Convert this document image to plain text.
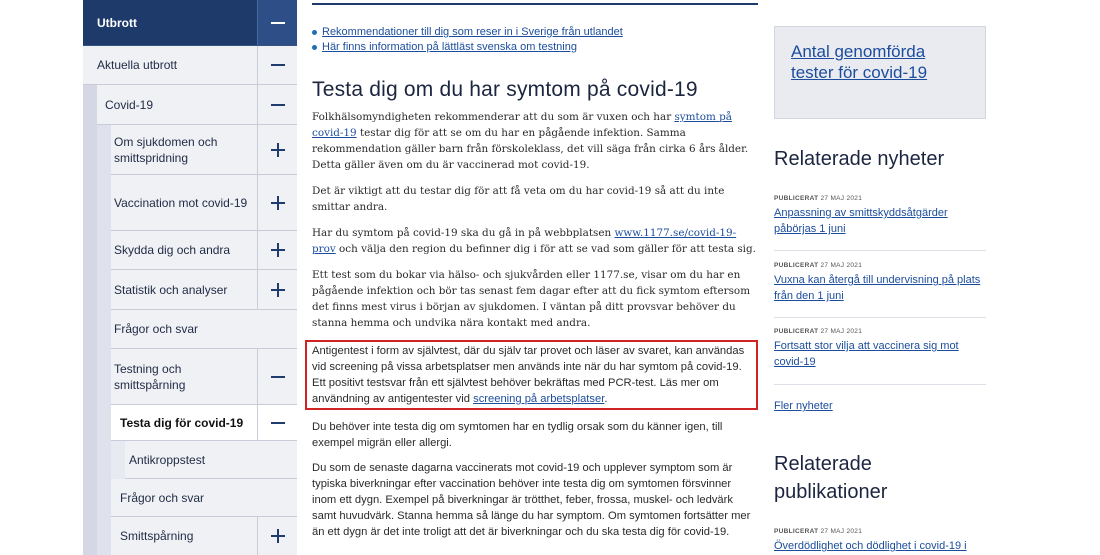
Utbrott
Aktuella utbrott
Covid-19
Om sjukdomen och smittspridning
Vaccination mot covid-19
Skydda dig och andra
Statistik och analyser
Frågor och svar
Testning och smittspårning
Testa dig för covid-19
Antikroppstest
Frågor och svar
Smittspårning
Rekommendationer till dig som reser in i Sverige från utlandet
Här finns information på lättläst svenska om testning
Testa dig om du har symtom på covid-19

Folkhälsomyndigheten rekommenderar att du som är vuxen och har symtom på covid-19 testar dig för att se om du har en pågående infektion. Samma rekommendation gäller barn från förskoleklass, det vill säga från cirka 6 års ålder. Detta gäller även om du är vaccinerad mot covid-19.

Det är viktigt att du testar dig för att få veta om du har covid-19 så att du inte smittar andra.

Har du symtom på covid-19 ska du gå in på webbplatsen www.1177.se/covid-19-prov och välja den region du befinner dig i för att se vad som gäller för att testa sig.

Ett test som du bokar via hälso- och sjukvården eller 1177.se, visar om du har en pågående infektion och bör tas senast fem dagar efter att du fick symtom eftersom det finns mest virus i början av sjukdomen. I väntan på ditt provsvar behöver du stanna hemma och undvika nära kontakt med andra.

Antigentest i form av självtest, där du själv tar provet och läser av svaret, kan användas vid screening på vissa arbetsplatser men används inte när du har symtom på covid-19. Ett positivt testsvar från ett självtest behöver bekräftas med PCR-test. Läs mer om användning av antigentester vid screening på arbetsplatser.

Du behöver inte testa dig om symtomen har en tydlig orsak som du känner igen, till exempel migrän eller allergi.

Du som de senaste dagarna vaccinerats mot covid-19 och upplever symptom som är typiska biverkningar efter vaccination behöver inte testa dig om symtomen försvinner inom ett dygn. Exempel på biverkningar är trötthet, feber, frossa, muskel- och ledvärk samt huvudvärk. Stanna hemma så länge du har symptom. Om symtomen fortsätter mer än ett dygn är det inte troligt att det är biverkningar och du ska testa dig för covid-19.

Antal genomförda tester för covid-19
Relaterade nyheter
PUBLICERAT 27 MAJ 2021
Anpassning av smittskyddsåtgärder påbörjas 1 juni
PUBLICERAT 27 MAJ 2021
Vuxna kan återgå till undervisning på plats från den 1 juni
PUBLICERAT 27 MAJ 2021
Fortsatt stor vilja att vaccinera sig mot covid-19
Fler nyheter
Relaterade publikationer
PUBLICERAT 27 MAJ 2021
Överdödlighet och dödlighet i covid-19 i
